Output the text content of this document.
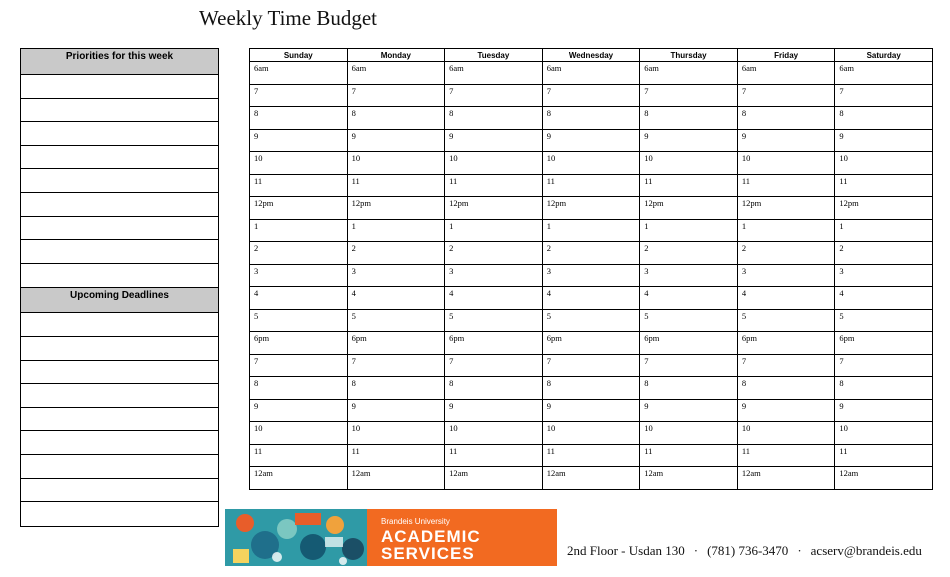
Weekly Time Budget
Priorities for this week
Upcoming Deadlines
Sunday	Monday	Tuesday	Wednesday	Thursday	Friday	Saturday
6am	6am	6am	6am	6am	6am	6am
7	7	7	7	7	7	7
8	8	8	8	8	8	8
9	9	9	9	9	9	9
10	10	10	10	10	10	10
11	11	11	11	11	11	11
12pm	12pm	12pm	12pm	12pm	12pm	12pm
1	1	1	1	1	1	1
2	2	2	2	2	2	2
3	3	3	3	3	3	3
4	4	4	4	4	4	4
5	5	5	5	5	5	5
6pm	6pm	6pm	6pm	6pm	6pm	6pm
7	7	7	7	7	7	7
8	8	8	8	8	8	8
9	9	9	9	9	9	9
10	10	10	10	10	10	10
11	11	11	11	11	11	11
12am	12am	12am	12am	12am	12am	12am
Brandeis University
ACADEMIC
SERVICES	2nd Floor - Usdan 130 · (781) 736-3470 · acserv@brandeis.edu
